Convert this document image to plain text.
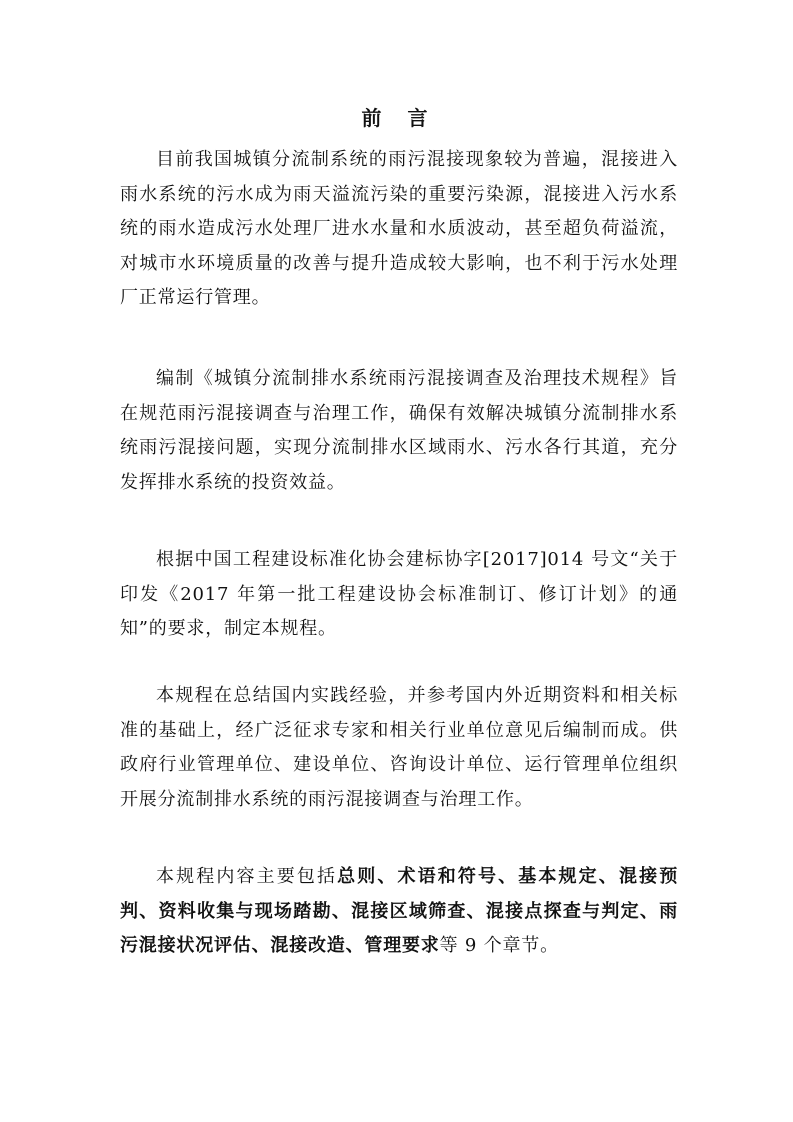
前 言

目前我国城镇分流制系统的雨污混接现象较为普遍，混接进入雨水系统的污水成为雨天溢流污染的重要污染源，混接进入污水系统的雨水造成污水处理厂进水水量和水质波动，甚至超负荷溢流，对城市水环境质量的改善与提升造成较大影响，也不利于污水处理厂正常运行管理。

编制《城镇分流制排水系统雨污混接调查及治理技术规程》旨在规范雨污混接调查与治理工作，确保有效解决城镇分流制排水系统雨污混接问题，实现分流制排水区域雨水、污水各行其道，充分发挥排水系统的投资效益。

根据中国工程建设标准化协会建标协字[2017]014 号文“关于印发《2017 年第一批工程建设协会标准制订、修订计划》的通知”的要求，制定本规程。

本规程在总结国内实践经验，并参考国内外近期资料和相关标准的基础上，经广泛征求专家和相关行业单位意见后编制而成。供政府行业管理单位、建设单位、咨询设计单位、运行管理单位组织开展分流制排水系统的雨污混接调查与治理工作。

本规程内容主要包括总则、术语和符号、基本规定、混接预判、资料收集与现场踏勘、混接区域筛查、混接点探查与判定、雨污混接状况评估、混接改造、管理要求等 9 个章节。
